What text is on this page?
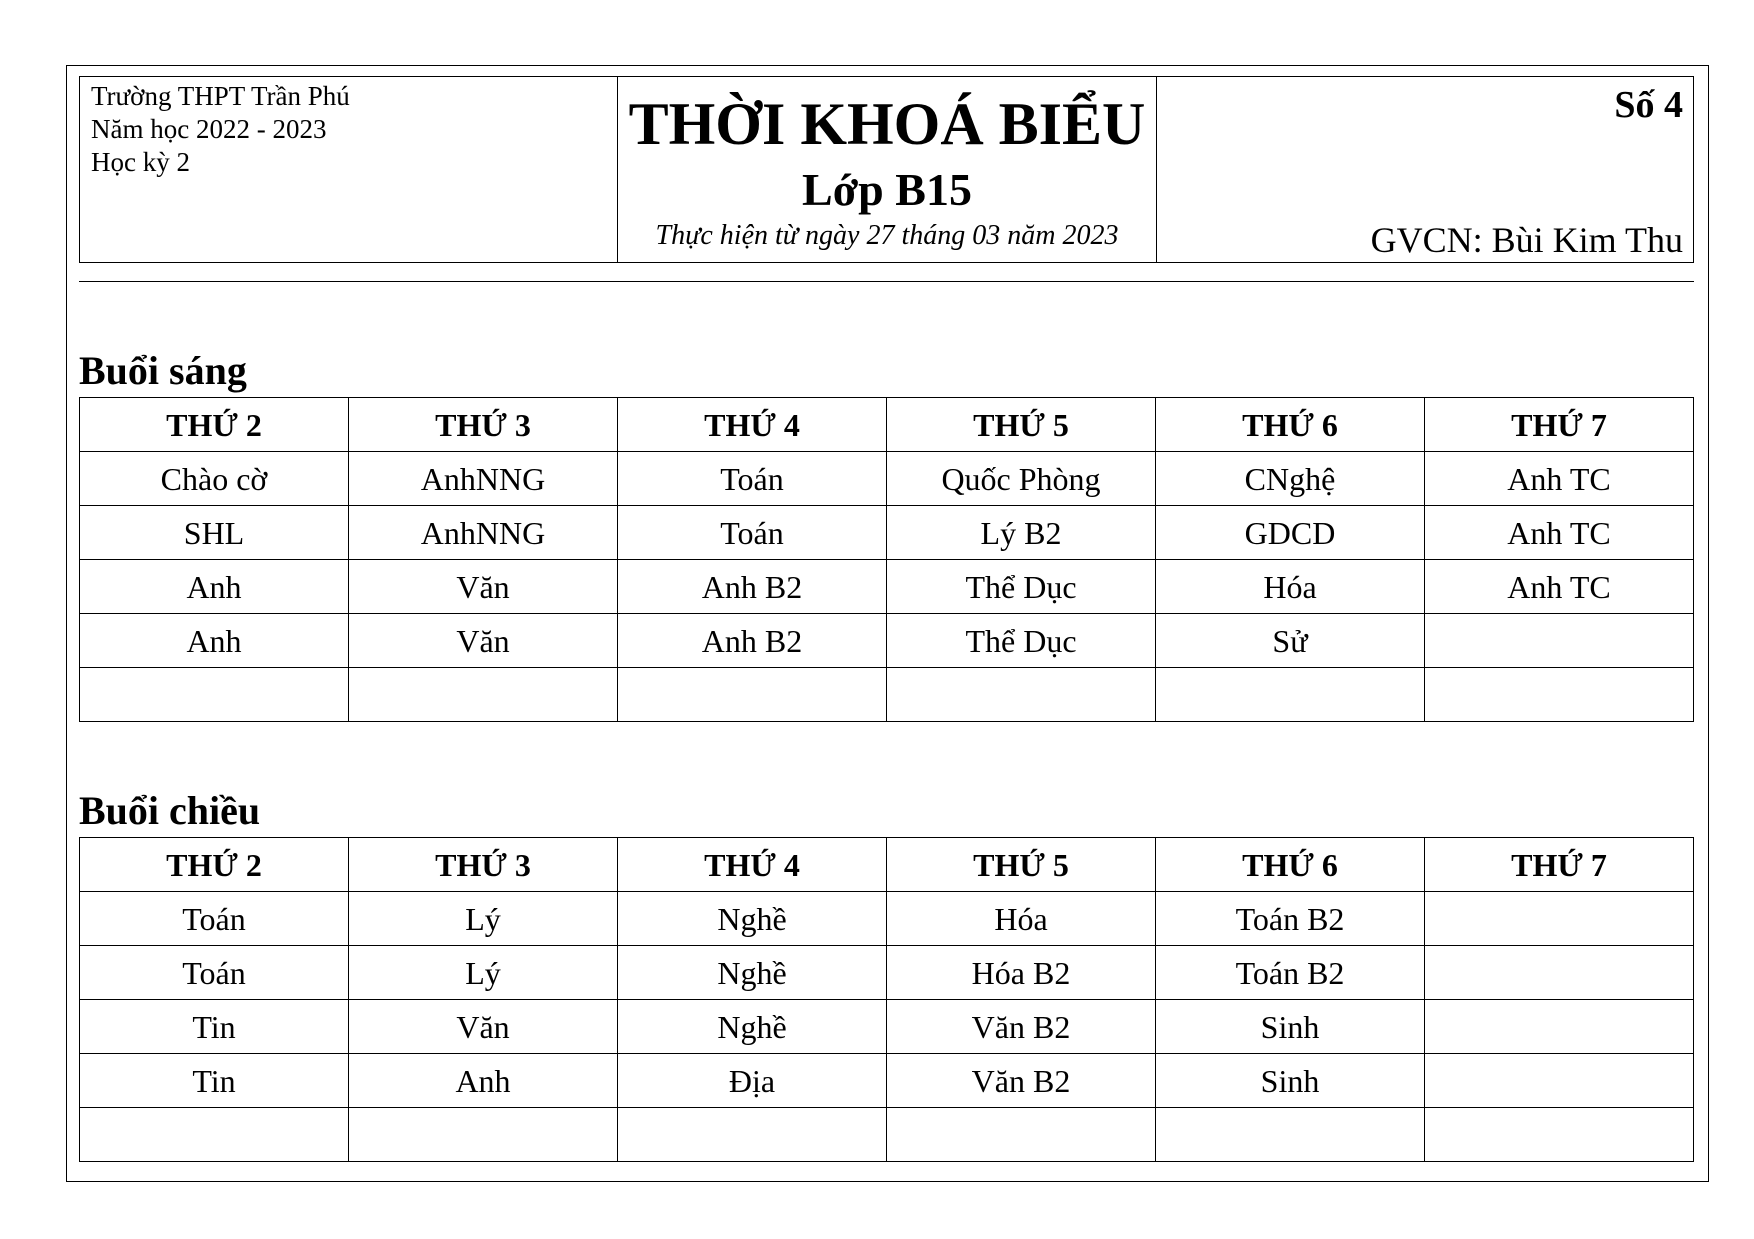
Trường THPT Trần Phú
Năm học 2022 - 2023
Học kỳ 2
THỜI KHOÁ BIỂU
Lớp B15
Thực hiện từ ngày 27 tháng 03 năm 2023
Số 4
GVCN: Bùi Kim Thu
Buổi sáng
THỨ 2	THỨ 3	THỨ 4	THỨ 5	THỨ 6	THỨ 7
Chào cờ	AnhNNG	Toán	Quốc Phòng	CNghệ	Anh TC
SHL	AnhNNG	Toán	Lý B2	GDCD	Anh TC
Anh	Văn	Anh B2	Thể Dục	Hóa	Anh TC
Anh	Văn	Anh B2	Thể Dục	Sử	

Buổi chiều
THỨ 2	THỨ 3	THỨ 4	THỨ 5	THỨ 6	THỨ 7
Toán	Lý	Nghề	Hóa	Toán B2	
Toán	Lý	Nghề	Hóa B2	Toán B2	
Tin	Văn	Nghề	Văn B2	Sinh	
Tin	Anh	Địa	Văn B2	Sinh	
